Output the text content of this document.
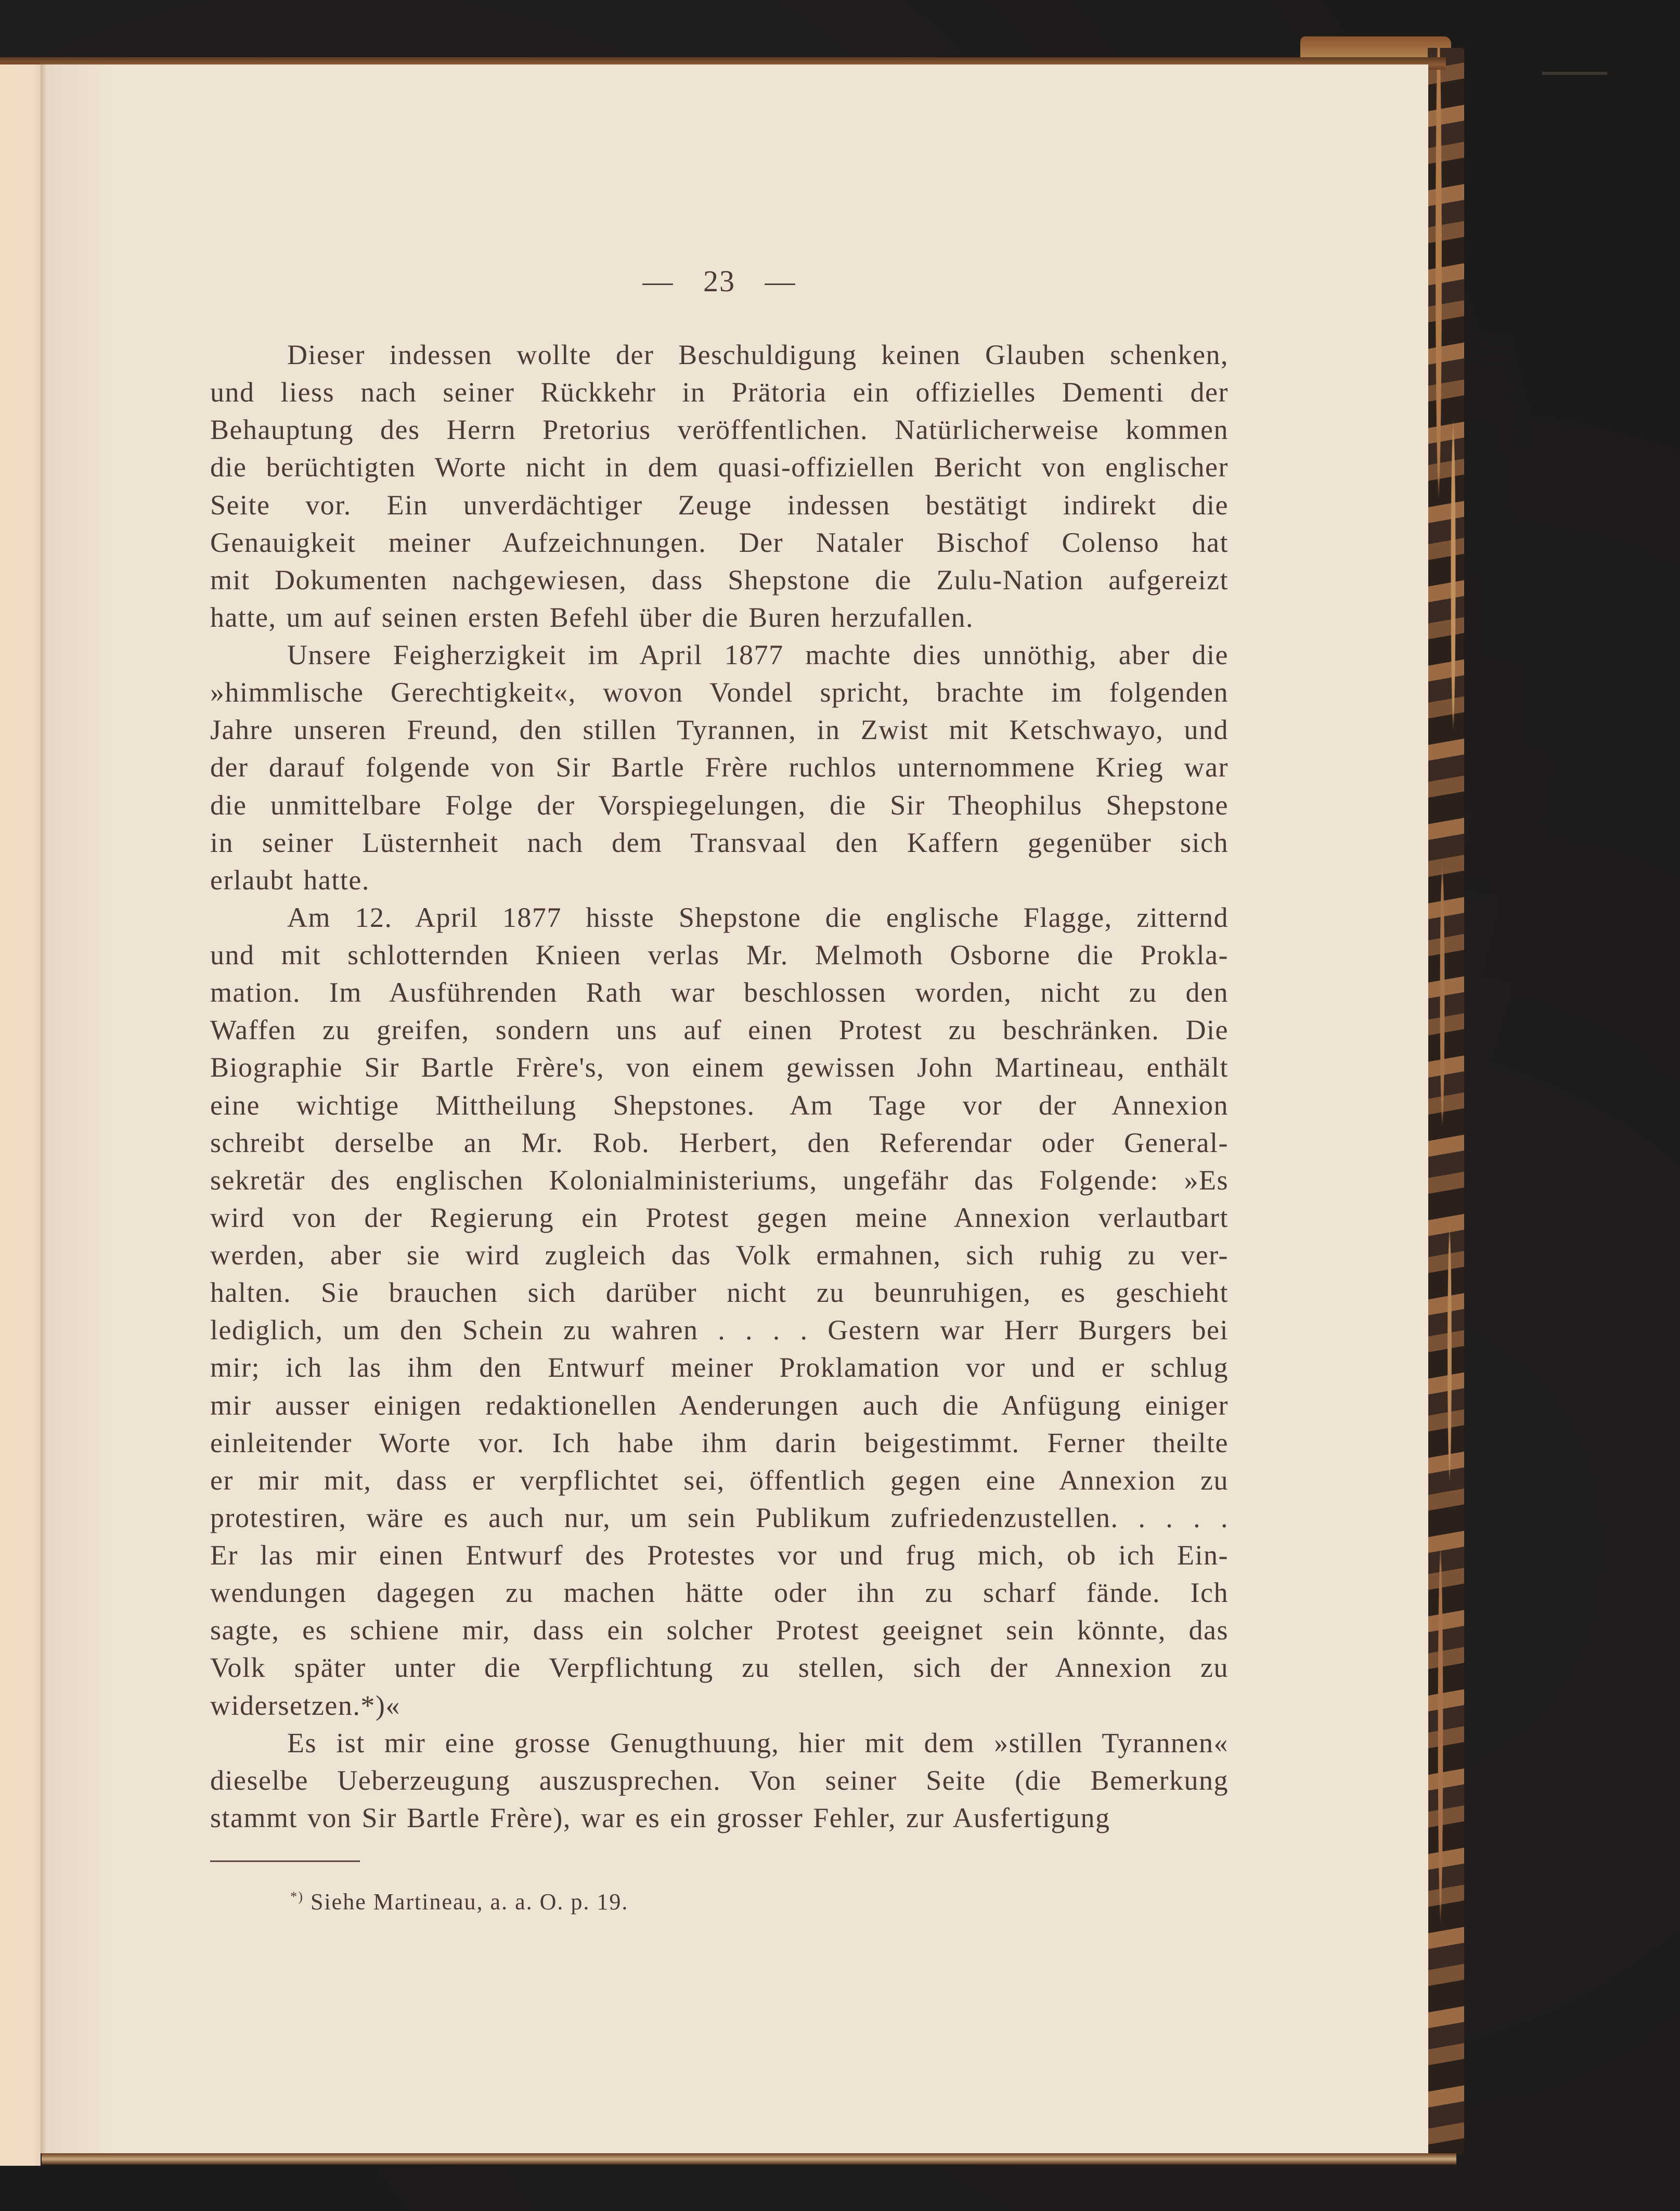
— 23 —
Dieser indessen wollte der Beschuldigung keinen Glauben schenken,
und liess nach seiner Rückkehr in Prätoria ein offizielles Dementi der
Behauptung des Herrn Pretorius veröffentlichen. Natürlicherweise kommen
die berüchtigten Worte nicht in dem quasi-offiziellen Bericht von englischer
Seite vor. Ein unverdächtiger Zeuge indessen bestätigt indirekt die
Genauigkeit meiner Aufzeichnungen. Der Nataler Bischof Colenso hat
mit Dokumenten nachgewiesen, dass Shepstone die Zulu-Nation aufgereizt
hatte, um auf seinen ersten Befehl über die Buren herzufallen.
Unsere Feigherzigkeit im April 1877 machte dies unnöthig, aber die
»himmlische Gerechtigkeit«, wovon Vondel spricht, brachte im folgenden
Jahre unseren Freund, den stillen Tyrannen, in Zwist mit Ketschwayo, und
der darauf folgende von Sir Bartle Frère ruchlos unternommene Krieg war
die unmittelbare Folge der Vorspiegelungen, die Sir Theophilus Shepstone
in seiner Lüsternheit nach dem Transvaal den Kaffern gegenüber sich
erlaubt hatte.
Am 12. April 1877 hisste Shepstone die englische Flagge, zitternd
und mit schlotternden Knieen verlas Mr. Melmoth Osborne die Prokla-
mation. Im Ausführenden Rath war beschlossen worden, nicht zu den
Waffen zu greifen, sondern uns auf einen Protest zu beschränken. Die
Biographie Sir Bartle Frère's, von einem gewissen John Martineau, enthält
eine wichtige Mittheilung Shepstones. Am Tage vor der Annexion
schreibt derselbe an Mr. Rob. Herbert, den Referendar oder General-
sekretär des englischen Kolonialministeriums, ungefähr das Folgende: »Es
wird von der Regierung ein Protest gegen meine Annexion verlautbart
werden, aber sie wird zugleich das Volk ermahnen, sich ruhig zu ver-
halten. Sie brauchen sich darüber nicht zu beunruhigen, es geschieht
lediglich, um den Schein zu wahren . . . . Gestern war Herr Burgers bei
mir; ich las ihm den Entwurf meiner Proklamation vor und er schlug
mir ausser einigen redaktionellen Aenderungen auch die Anfügung einiger
einleitender Worte vor. Ich habe ihm darin beigestimmt. Ferner theilte
er mir mit, dass er verpflichtet sei, öffentlich gegen eine Annexion zu
protestiren, wäre es auch nur, um sein Publikum zufriedenzustellen. . . . .
Er las mir einen Entwurf des Protestes vor und frug mich, ob ich Ein-
wendungen dagegen zu machen hätte oder ihn zu scharf fände. Ich
sagte, es schiene mir, dass ein solcher Protest geeignet sein könnte, das
Volk später unter die Verpflichtung zu stellen, sich der Annexion zu
widersetzen.*)«
Es ist mir eine grosse Genugthuung, hier mit dem »stillen Tyrannen«
dieselbe Ueberzeugung auszusprechen. Von seiner Seite (die Bemerkung
stammt von Sir Bartle Frère), war es ein grosser Fehler, zur Ausfertigung
*) Siehe Martineau, a. a. O. p. 19.
